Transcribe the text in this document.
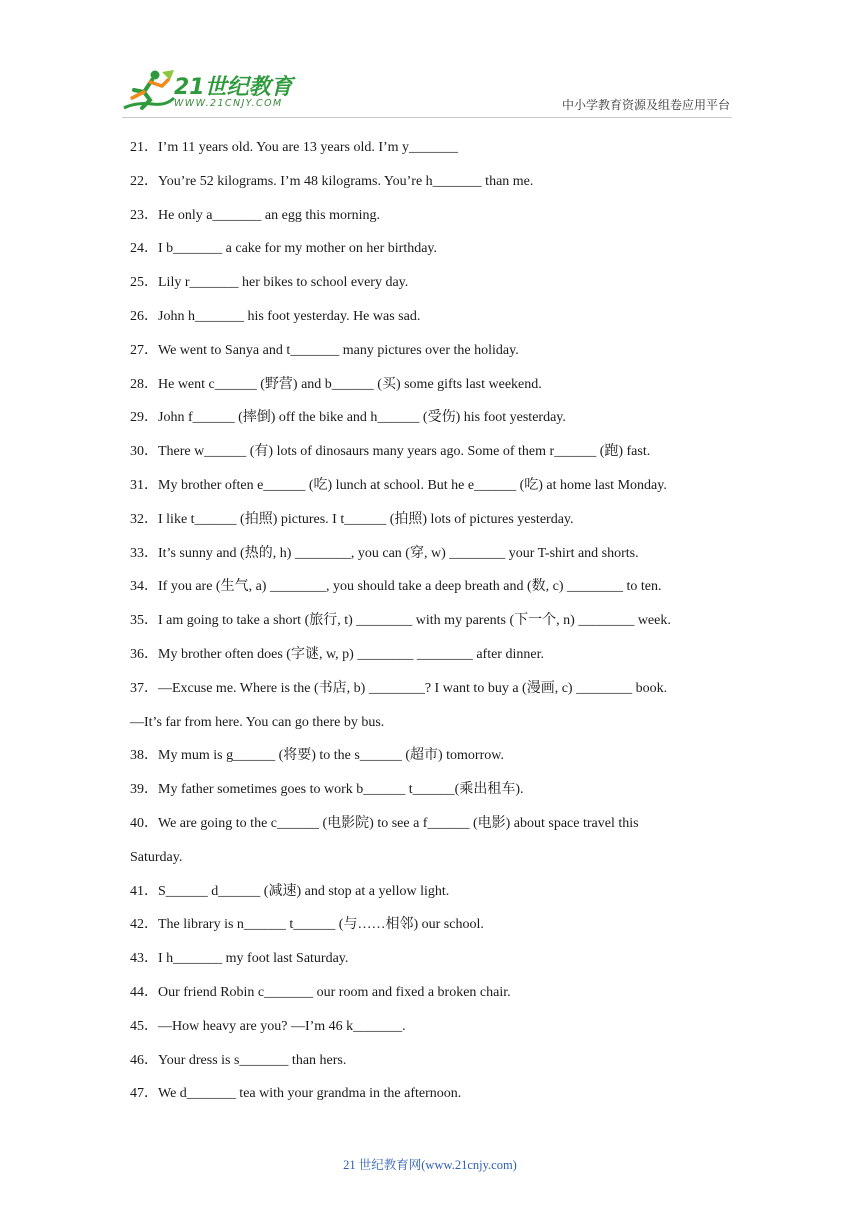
21世纪教育
WWW.21CNJY.COM	中小学教育资源及组卷应用平台
21．I’m 11 years old. You are 13 years old. I’m y_______
22．You’re 52 kilograms. I’m 48 kilograms. You’re h_______ than me.
23．He only a_______ an egg this morning.
24．I b_______ a cake for my mother on her birthday.
25．Lily r_______ her bikes to school every day.
26．John h_______ his foot yesterday. He was sad.
27．We went to Sanya and t_______ many pictures over the holiday.
28．He went c______ (野营) and b______ (买) some gifts last weekend.
29．John f______ (摔倒) off the bike and h______ (受伤) his foot yesterday.
30．There w______ (有) lots of dinosaurs many years ago. Some of them r______ (跑) fast.
31．My brother often e______ (吃) lunch at school. But he e______ (吃) at home last Monday.
32．I like t______ (拍照) pictures. I t______ (拍照) lots of pictures yesterday.
33．It’s sunny and (热的, h) ________, you can (穿, w) ________ your T-shirt and shorts.
34．If you are (生气, a) ________, you should take a deep breath and (数, c) ________ to ten.
35．I am going to take a short (旅行, t) ________ with my parents (下一个, n) ________ week.
36．My brother often does (字谜, w, p) ________ ________ after dinner.
37．—Excuse me. Where is the (书店, b) ________? I want to buy a (漫画, c) ________ book.
—It’s far from here. You can go there by bus.
38．My mum is g______ (将要) to the s______ (超市) tomorrow.
39．My father sometimes goes to work b______ t______(乘出租车).
40．We are going to the c______ (电影院) to see a f______ (电影) about space travel this
Saturday.
41．S______ d______ (减速) and stop at a yellow light.
42．The library is n______ t______ (与……相邻) our school.
43．I h_______ my foot last Saturday.
44．Our friend Robin c_______ our room and fixed a broken chair.
45．—How heavy are you? —I’m 46 k_______.
46．Your dress is s_______ than hers.
47．We d_______ tea with your grandma in the afternoon.
21 世纪教育网(www.21cnjy.com)
